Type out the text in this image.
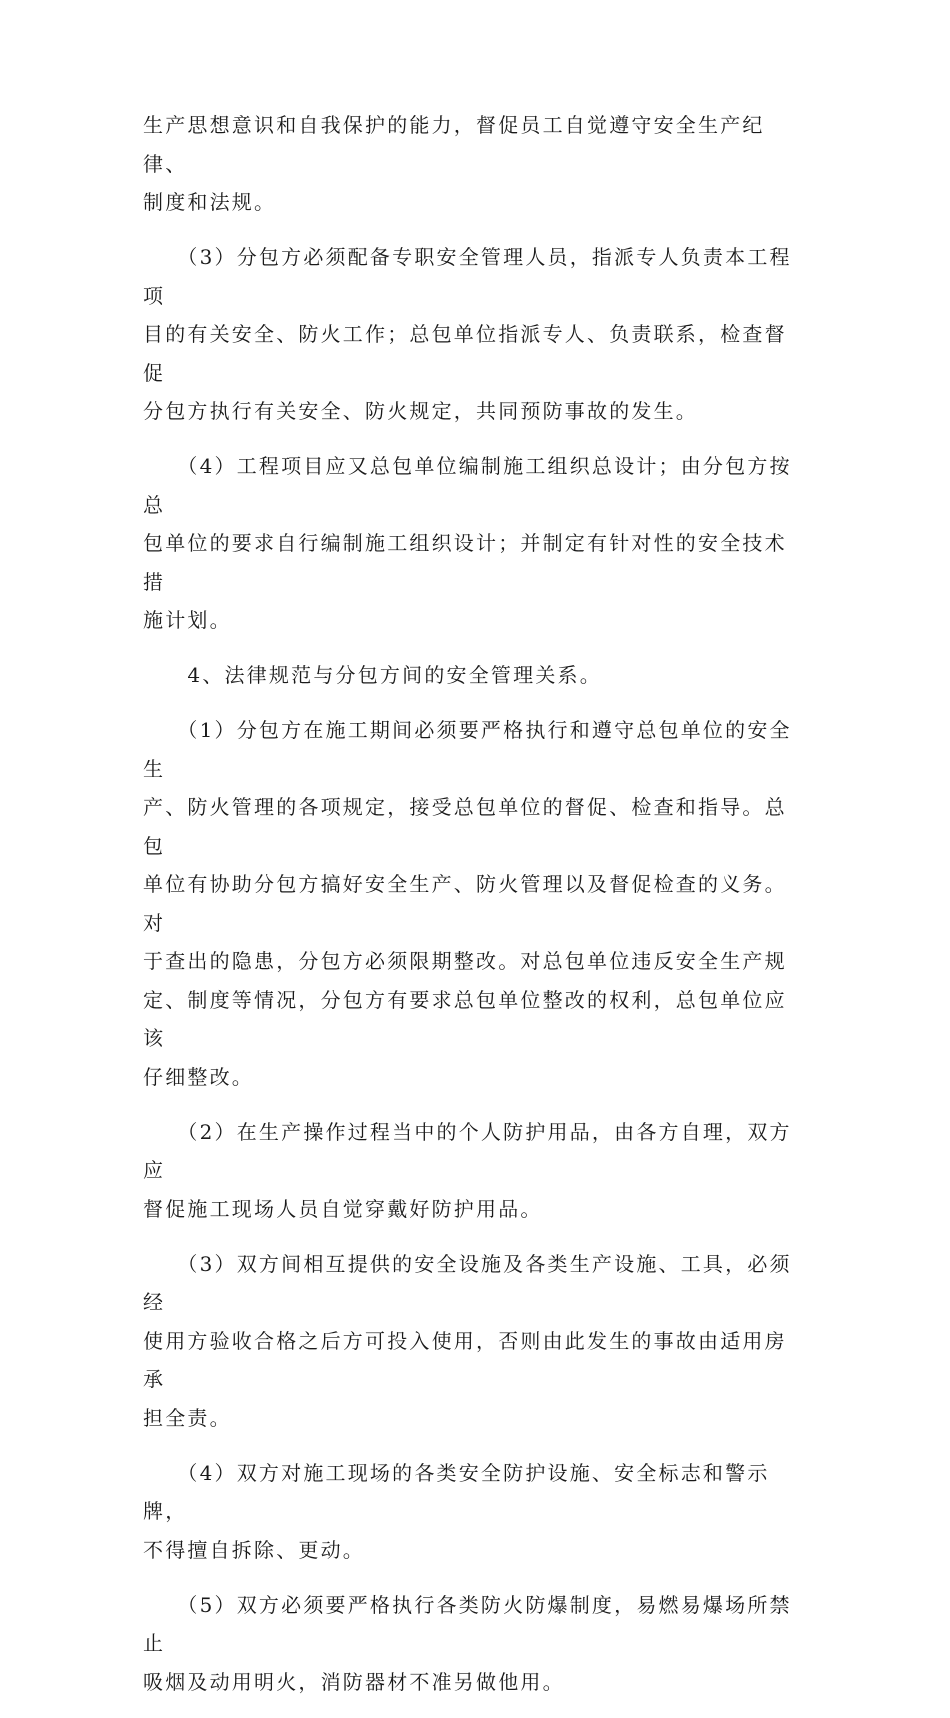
生产思想意识和自我保护的能力，督促员工自觉遵守安全生产纪律、
制度和法规。

　　（3）分包方必须配备专职安全管理人员，指派专人负责本工程项
目的有关安全、防火工作；总包单位指派专人、负责联系，检查督促
分包方执行有关安全、防火规定，共同预防事故的发生。

　　（4）工程项目应又总包单位编制施工组织总设计；由分包方按总
包单位的要求自行编制施工组织设计；并制定有针对性的安全技术措
施计划。

　　4、法律规范与分包方间的安全管理关系。

　　（1）分包方在施工期间必须要严格执行和遵守总包单位的安全生
产、防火管理的各项规定，接受总包单位的督促、检查和指导。总包
单位有协助分包方搞好安全生产、防火管理以及督促检查的义务。对
于查出的隐患，分包方必须限期整改。对总包单位违反安全生产规
定、制度等情况，分包方有要求总包单位整改的权利，总包单位应该
仔细整改。

　　（2）在生产操作过程当中的个人防护用品，由各方自理，双方应
督促施工现场人员自觉穿戴好防护用品。

　　（3）双方间相互提供的安全设施及各类生产设施、工具，必须经
使用方验收合格之后方可投入使用，否则由此发生的事故由适用房承
担全责。

　　（4）双方对施工现场的各类安全防护设施、安全标志和警示牌，
不得擅自拆除、更动。

　　（5）双方必须要严格执行各类防火防爆制度，易燃易爆场所禁止
吸烟及动用明火，消防器材不准另做他用。
